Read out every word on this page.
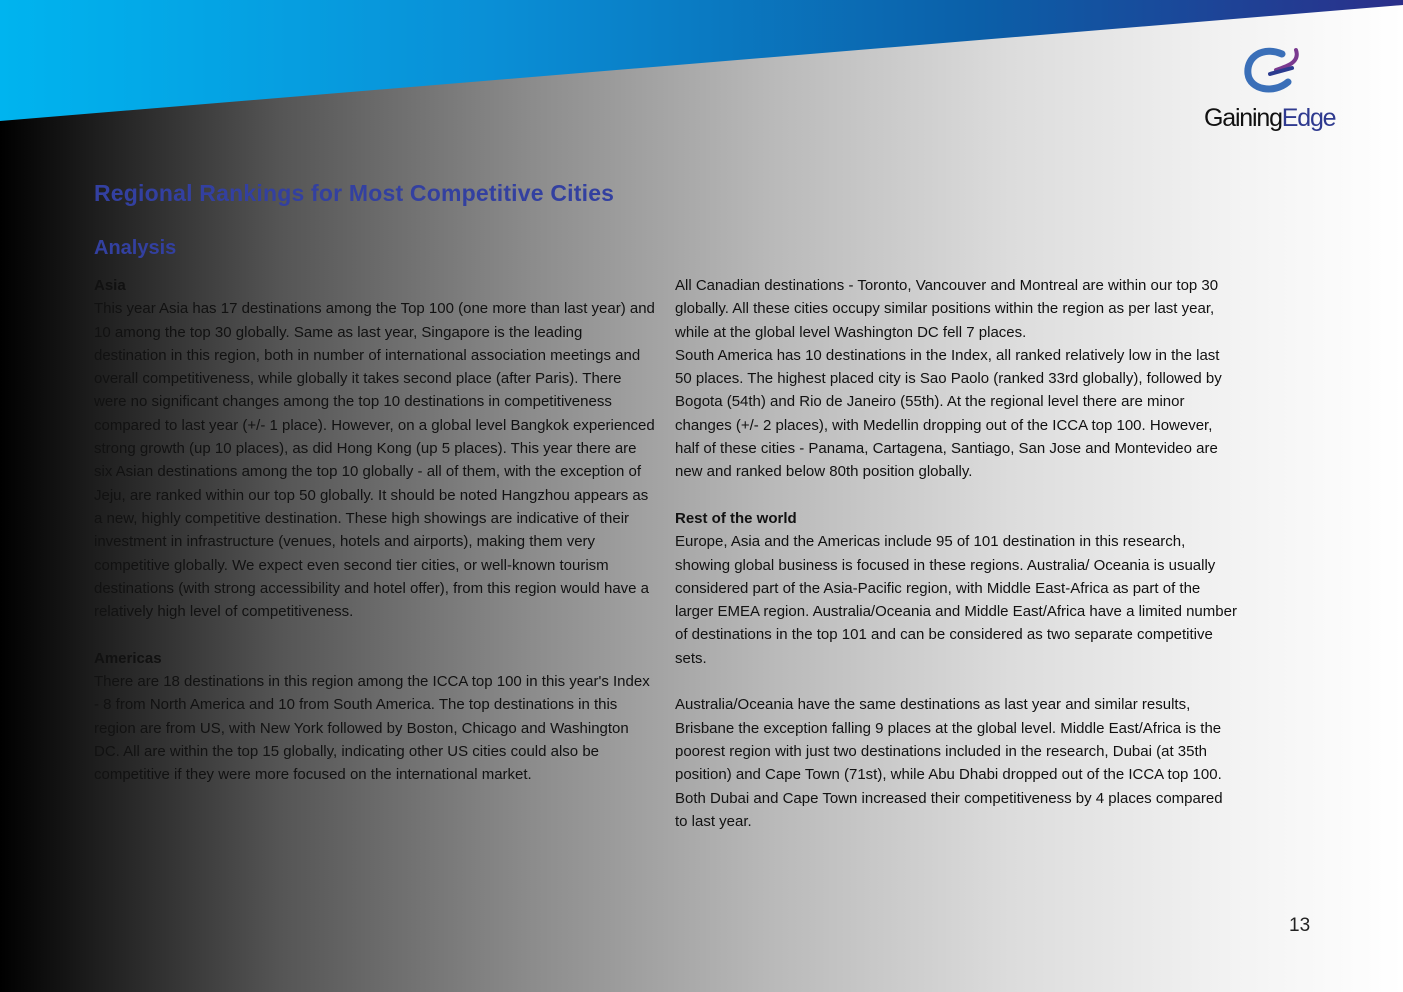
GainingEdge
Regional Rankings for Most Competitive Cities
Analysis
Asia

This year Asia has 17 destinations among the Top 100 (one more than last year) and 10 among the top 30 globally. Same as last year, Singapore is the leading destination in this region, both in number of international association meetings and overall competitiveness, while globally it takes second place (after Paris). There were no significant changes among the top 10 destinations in competitiveness compared to last year (+/- 1 place). However, on a global level Bangkok experienced strong growth (up 10 places), as did Hong Kong (up 5 places). This year there are six Asian destinations among the top 10 globally - all of them, with the exception of Jeju, are ranked within our top 50 globally. It should be noted Hangzhou appears as a new, highly competitive destination. These high showings are indicative of their investment in infrastructure (venues, hotels and airports), making them very competitive globally. We expect even second tier cities, or well-known tourism destinations (with strong accessibility and hotel offer), from this region would have a relatively high level of competitiveness.

Americas

There are 18 destinations in this region among the ICCA top 100 in this year's Index - 8 from North America and 10 from South America. The top destinations in this region are from US, with New York followed by Boston, Chicago and Washington DC. All are within the top 15 globally, indicating other US cities could also be competitive if they were more focused on the international market.

All Canadian destinations - Toronto, Vancouver and Montreal are within our top 30 globally. All these cities occupy similar positions within the region as per last year, while at the global level Washington DC fell 7 places.

South America has 10 destinations in the Index, all ranked relatively low in the last 50 places. The highest placed city is Sao Paolo (ranked 33rd globally), followed by Bogota (54th) and Rio de Janeiro (55th). At the regional level there are minor changes (+/- 2 places), with Medellin dropping out of the ICCA top 100. However, half of these cities - Panama, Cartagena, Santiago, San Jose and Montevideo are new and ranked below 80th position globally.

Rest of the world

Europe, Asia and the Americas include 95 of 101 destination in this research, showing global business is focused in these regions. Australia/ Oceania is usually considered part of the Asia-Pacific region, with Middle East-Africa as part of the larger EMEA region. Australia/Oceania and Middle East/Africa have a limited number of destinations in the top 101 and can be considered as two separate competitive sets.

Australia/Oceania have the same destinations as last year and similar results, Brisbane the exception falling 9 places at the global level. Middle East/Africa is the poorest region with just two destinations included in the research, Dubai (at 35th position) and Cape Town (71st), while Abu Dhabi dropped out of the ICCA top 100. Both Dubai and Cape Town increased their competitiveness by 4 places compared to last year.

13
